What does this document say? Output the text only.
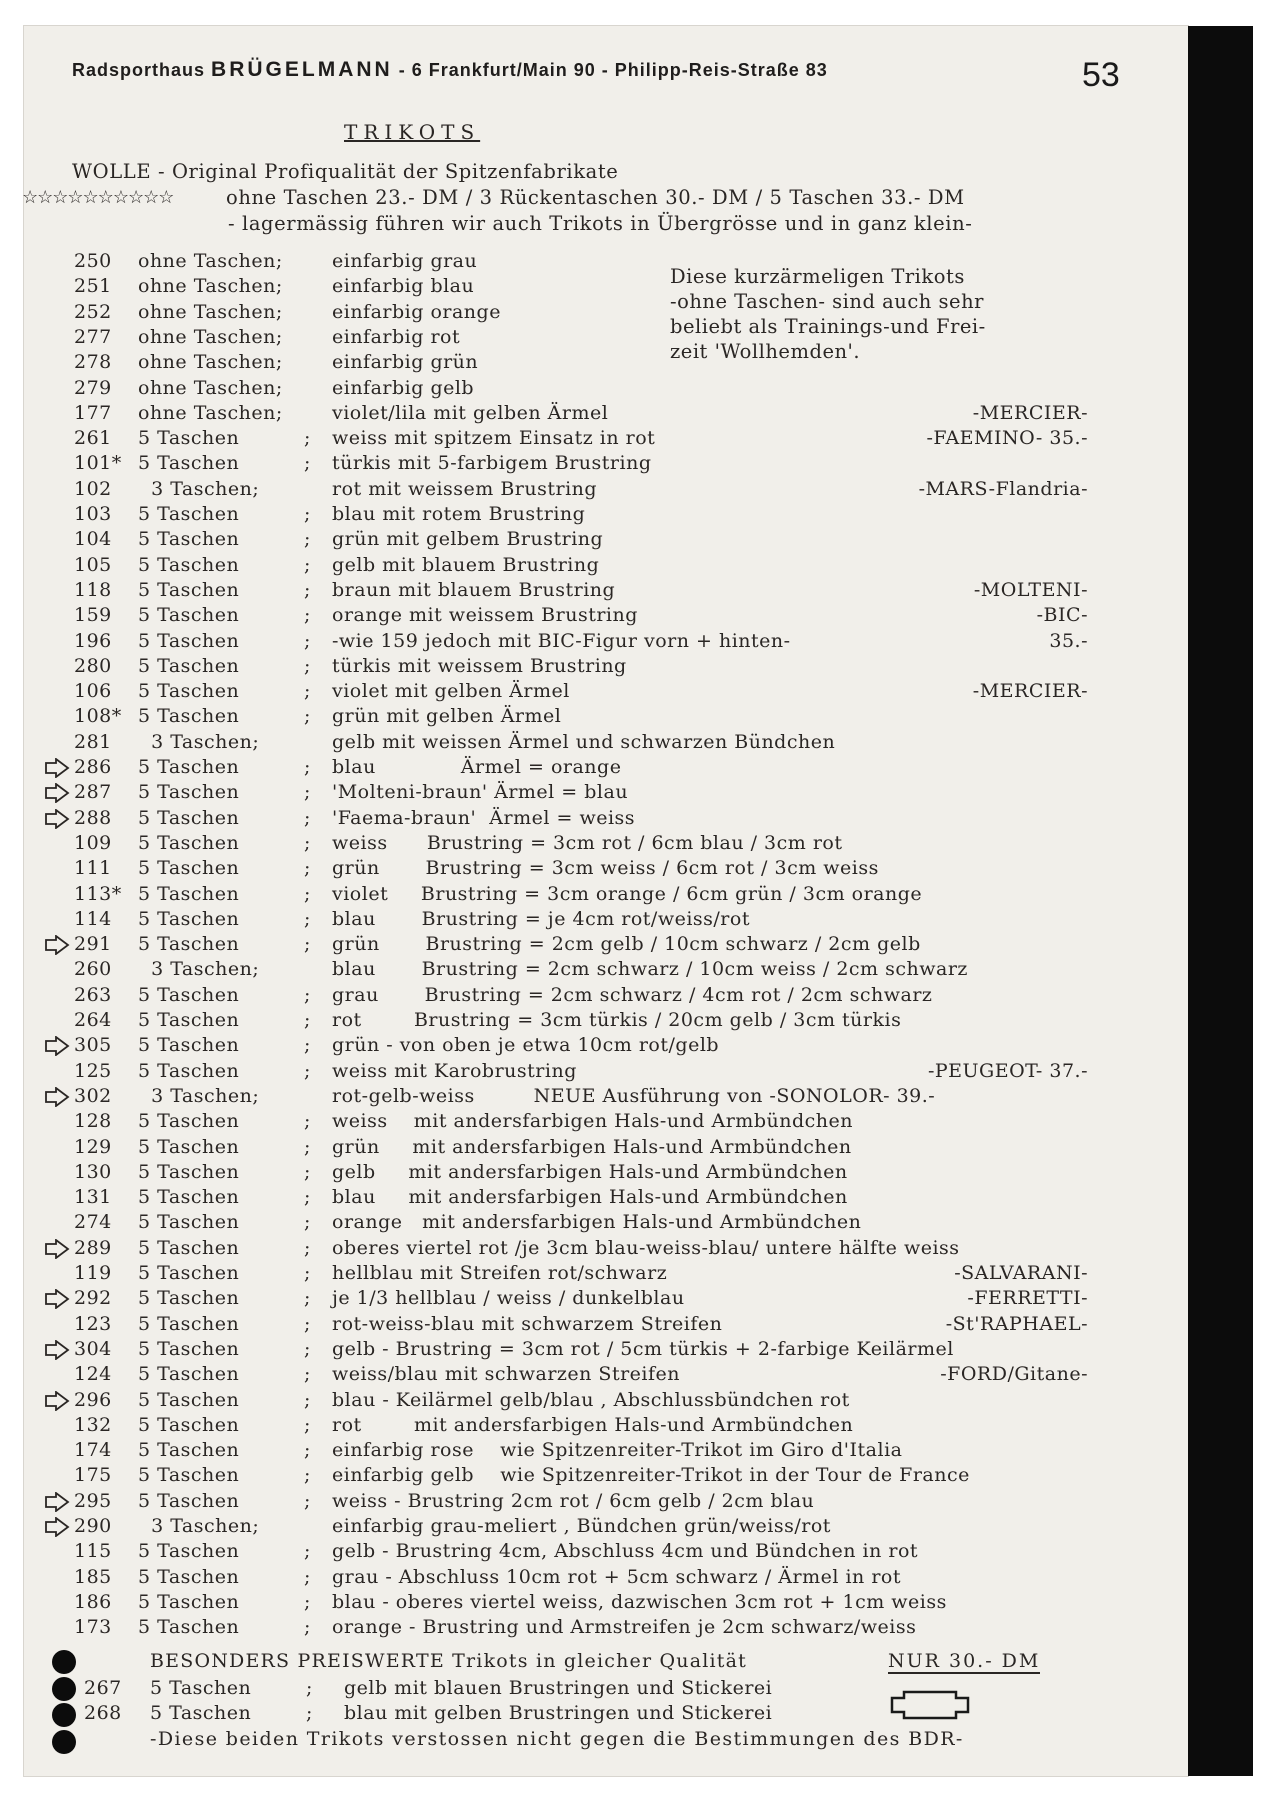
Radsporthaus BRÜGELMANN - 6 Frankfurt/Main 90 - Philipp-Reis-Straße 83	53
TRIKOTS
WOLLE - Original Profiqualität der Spitzenfabrikate
☆☆☆☆☆☆☆☆☆☆	ohne Taschen 23.- DM / 3 Rückentaschen 30.- DM / 5 Taschen 33.- DM
- lagermässig führen wir auch Trikots in Übergrösse und in ganz klein-
Diese kurzärmeligen Trikots
-ohne Taschen- sind auch sehr
beliebt als Trainings-und Frei-
zeit 'Wollhemden'.
250 ohne Taschen;	einfarbig grau
251 ohne Taschen;	einfarbig blau
252 ohne Taschen;	einfarbig orange
277 ohne Taschen;	einfarbig rot
278 ohne Taschen;	einfarbig grün
279 ohne Taschen;	einfarbig gelb
177 ohne Taschen;	violet/lila mit gelben Ärmel	-MERCIER-
261 5 Taschen	; weiss mit spitzem Einsatz in rot	-FAEMINO- 35.-
101* 5 Taschen	; türkis mit 5-farbigem Brustring
102 3 Taschen;	rot mit weissem Brustring	-MARS-Flandria-
103 5 Taschen	; blau mit rotem Brustring
104 5 Taschen	; grün mit gelbem Brustring
105 5 Taschen	; gelb mit blauem Brustring
118 5 Taschen	; braun mit blauem Brustring	-MOLTENI-
159 5 Taschen	; orange mit weissem Brustring	-BIC-
196 5 Taschen	; -wie 159 jedoch mit BIC-Figur vorn + hinten-	35.-
280 5 Taschen	; türkis mit weissem Brustring
106 5 Taschen	; violet mit gelben Ärmel	-MERCIER-
108* 5 Taschen	; grün mit gelben Ärmel
281 3 Taschen;	gelb mit weissen Ärmel und schwarzen Bündchen
286 5 Taschen	; blau             Ärmel = orange
287 5 Taschen	; 'Molteni-braun' Ärmel = blau
288 5 Taschen	; 'Faema-braun'  Ärmel = weiss
109 5 Taschen	; weiss      Brustring = 3cm rot / 6cm blau / 3cm rot
111 5 Taschen	; grün       Brustring = 3cm weiss / 6cm rot / 3cm weiss
113* 5 Taschen	; violet     Brustring = 3cm orange / 6cm grün / 3cm orange
114 5 Taschen	; blau       Brustring = je 4cm rot/weiss/rot
291 5 Taschen	; grün       Brustring = 2cm gelb / 10cm schwarz / 2cm gelb
260 3 Taschen;	blau       Brustring = 2cm schwarz / 10cm weiss / 2cm schwarz
263 5 Taschen	; grau       Brustring = 2cm schwarz / 4cm rot / 2cm schwarz
264 5 Taschen	; rot        Brustring = 3cm türkis / 20cm gelb / 3cm türkis
305 5 Taschen	; grün - von oben je etwa 10cm rot/gelb
125 5 Taschen	; weiss mit Karobrustring	-PEUGEOT- 37.-
302 3 Taschen;	rot-gelb-weiss         NEUE Ausführung von -SONOLOR- 39.-
128 5 Taschen	; weiss    mit andersfarbigen Hals-und Armbündchen
129 5 Taschen	; grün     mit andersfarbigen Hals-und Armbündchen
130 5 Taschen	; gelb     mit andersfarbigen Hals-und Armbündchen
131 5 Taschen	; blau     mit andersfarbigen Hals-und Armbündchen
274 5 Taschen	; orange   mit andersfarbigen Hals-und Armbündchen
289 5 Taschen	; oberes viertel rot /je 3cm blau-weiss-blau/ untere hälfte weiss
119 5 Taschen	; hellblau mit Streifen rot/schwarz	-SALVARANI-
292 5 Taschen	; je 1/3 hellblau / weiss / dunkelblau	-FERRETTI-
123 5 Taschen	; rot-weiss-blau mit schwarzem Streifen	-St'RAPHAEL-
304 5 Taschen	; gelb - Brustring = 3cm rot / 5cm türkis + 2-farbige Keilärmel
124 5 Taschen	; weiss/blau mit schwarzen Streifen	-FORD/Gitane-
296 5 Taschen	; blau - Keilärmel gelb/blau , Abschlussbündchen rot
132 5 Taschen	; rot        mit andersfarbigen Hals-und Armbündchen
174 5 Taschen	; einfarbig rose    wie Spitzenreiter-Trikot im Giro d'Italia
175 5 Taschen	; einfarbig gelb    wie Spitzenreiter-Trikot in der Tour de France
295 5 Taschen	; weiss - Brustring 2cm rot / 6cm gelb / 2cm blau
290 3 Taschen;	einfarbig grau-meliert , Bündchen grün/weiss/rot
115 5 Taschen	; gelb - Brustring 4cm, Abschluss 4cm und Bündchen in rot
185 5 Taschen	; grau - Abschluss 10cm rot + 5cm schwarz / Ärmel in rot
186 5 Taschen	; blau - oberes viertel weiss, dazwischen 3cm rot + 1cm weiss
173 5 Taschen	; orange - Brustring und Armstreifen je 2cm schwarz/weiss
BESONDERS PREISWERTE Trikots in gleicher Qualität	NUR 30.- DM
267 5 Taschen	; gelb mit blauen Brustringen und Stickerei
268 5 Taschen	; blau mit gelben Brustringen und Stickerei
-Diese beiden Trikots verstossen nicht gegen die Bestimmungen des BDR-
